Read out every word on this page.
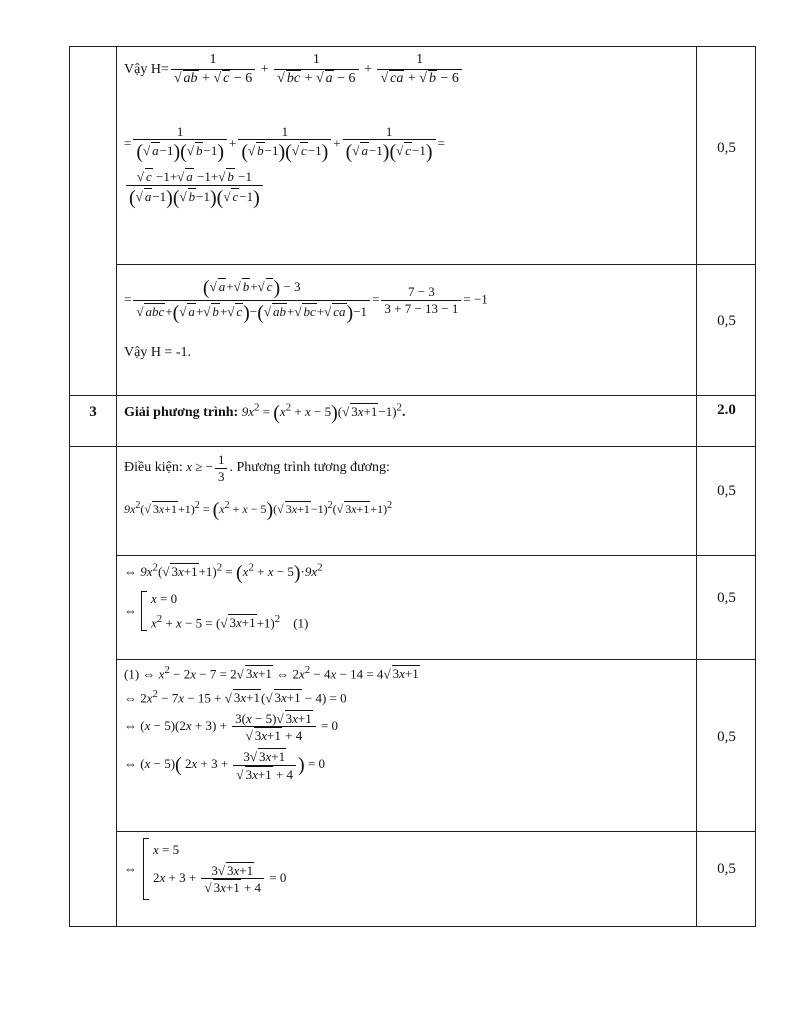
Vậy $H= \frac{1}{√ ab + √ c - 6} + \frac{1}{√ bc + √ a - 6} + \frac{1}{√ ca + √ b - 6}$
= $\frac{1}{(√ a-1)(√ b-1)} + \frac{1}{(√ b-1)(√ c-1)} + \frac{1}{(√ a-1)(√ c-1)}$ =
$\frac{√ c -1+√ a -1+√ b -1}{(√ a-1)(√ b-1)(√ c-1)}$
0,5
= $\frac{(√ a+√ b+√ c) - 3}{\text{√ abc+(√ a+√ b+√ c)−(√ ab+√ bc+√ ca)−1}} = \frac{7 - 3}{3 + 7 - 13 - 1} = -1$
Vậy H = -1.
0,5
3	Giải phương trình: $9x^2 = (x^2 + x - 5)(√$ 3x+1−1)$^2$.	2.0
Điều kiện: x ≥ − $\frac{1}{3}$ . Phương trình tương đương:
$9x^2(√$ $3x+1+1)^2 = (x^2 + x - 5)(√$ 3x+1−1)$^2$(√ 3x+1+1)$^2$
0,5
⇔ $9x^2(√$ $3x+1+1)^2 = (x^2 + x - 5)\cdot 9x^2$
⇔
x = 0
$x^2 + x - 5$ = (√ 3x+1+1)$^2$    (1)
0,5
(1) ⇔ $x^2 - 2x - 7 = 2√$ 3x+1 ⇔ $2x^2 - 4x - 14 = 4√$ 3x+1
⇔ $2x^2 - 7x - 15$ + √ 3x+1(√ 3x+1 − 4) = 0
⇔ $(x - 5)(2x + 3) + \frac{3(x - 5)√ 3x+1}{√ 3x+1 + 4} = 0$
⇔ (x − 5)( $2x + 3 + \frac{3√ 3x+1}{√ 3x+1 + 4}$ ) = 0
0,5
⇔
x = 5
$2x + 3 + \frac{3√ 3x+1}{√ 3x+1 + 4} = 0$
0,5
